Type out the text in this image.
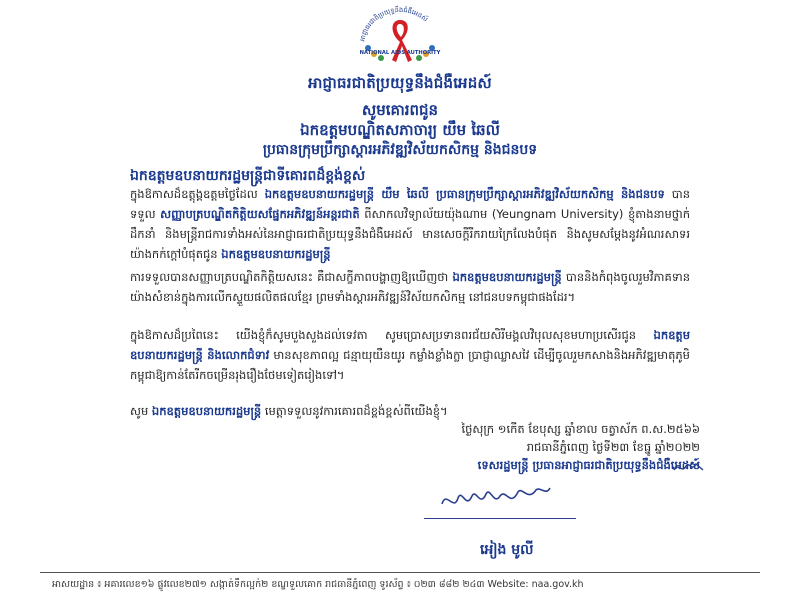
អាជ្ញាធរជាតិប្រយុទ្ធនឹងជំងឺអេដស៍
NATIONAL AIDS AUTHORITY
អាជ្ញាធរជាតិប្រយុទ្ធនឹងជំងឺអេដស៍
សូមគោរពជូន
ឯកឧត្តមបណ្ឌិតសភាចារ្យ យឹម ឆៃលី
ប្រធានក្រុមប្រឹក្សាស្តារអភិវឌ្ឍវិស័យកសិកម្ម និងជនបទ
ឯកឧត្តមឧបនាយករដ្ឋមន្ត្រីជាទីគោរពដ៏ខ្ពង់ខ្ពស់
ក្នុងឱកាសដ៏ឧត្តុង្គឧត្តមថ្ងៃដែល ឯកឧត្តមឧបនាយករដ្ឋមន្ត្រី យឹម ឆៃលី ប្រធានក្រុមប្រឹក្សាស្តារអភិវឌ្ឍវិស័យកសិកម្ម និងជនបទ បានទទួល សញ្ញាបត្របណ្ឌិតកិត្តិយសផ្នែកអភិវឌ្ឍន៍អន្តរជាតិ ពីសាកលវិទ្យាល័យយ៉ុងណាម (Yeungnam University) ខ្ញុំតាងនាមថ្នាក់ដឹកនាំ និងមន្ត្រីរាជការទាំងអស់នៃអាជ្ញាធរជាតិប្រយុទ្ធនឹងជំងឺអេដស៍ មានសេចក្តីរីករាយក្រៃលែងបំផុត និងសូមសម្តែងនូវអំណរសាទរយ៉ាងកក់ក្តៅបំផុតជូន ឯកឧត្តមឧបនាយករដ្ឋមន្ត្រី
ការទទួលបានសញ្ញាបត្របណ្ឌិតកិត្តិយសនេះ គឺជាសក្ខីភាពបង្ហាញឱ្យឃើញថា ឯកឧត្តមឧបនាយករដ្ឋមន្ត្រី បាននិងកំពុងចូលរួមវិភាគទានយ៉ាងសំខាន់ក្នុងការលើកស្ទួយផលិតផលខ្មែរ ព្រមទាំងស្តារអភិវឌ្ឍន៍វិស័យកសិកម្ម នៅជនបទកម្ពុជាផងដែរ។
ក្នុងឱកាសដ៏ប្រពៃនេះ យើងខ្ញុំក៏សូមបួងសួងដល់ទេវតា សូមប្រោសប្រទានពរជ័យសិរីមង្គលវិបុលសុខមហាប្រសើរជូន ឯកឧត្តមឧបនាយករដ្ឋមន្ត្រី និងលោកជំទាវ មានសុខភាពល្អ ជន្មាយុយឺនយូរ កម្លាំងខ្លាំងក្លា ប្រាជ្ញាឈ្លាសវៃ ដើម្បីចូលរួមកសាងនិងអភិវឌ្ឍមាតុភូមិកម្ពុជាឱ្យកាន់តែរីកចម្រើនរុងរឿងថែមទៀតរៀងទៅ។
សូម ឯកឧត្តមឧបនាយករដ្ឋមន្ត្រី មេត្តាទទួលនូវការគោរពដ៏ខ្ពង់ខ្ពស់ពីយើងខ្ញុំ។
ថ្ងៃសុក្រ ១កើត ខែបុស្ស ឆ្នាំខាល ចត្វាស័ក ព.ស.២៥៦៦
រាជធានីភ្នំពេញ ថ្ងៃទី២៣ ខែធ្នូ ឆ្នាំ២០២២
ទេសរដ្ឋមន្ត្រី ប្រធានអាជ្ញាធរជាតិប្រយុទ្ធនឹងជំងឺអេដស៍
អៀង មូលី
អាសយដ្ឋាន ៖ អគារលេខ១៦ ផ្លូវលេខ២៧១ សង្កាត់ទឹកល្អក់២ ខណ្ឌទួលគោក រាជធានីភ្នំពេញ ទូរស័ព្ទ ៖ ០២៣ ៨៨២ ២៤៣ Website: naa.gov.kh
